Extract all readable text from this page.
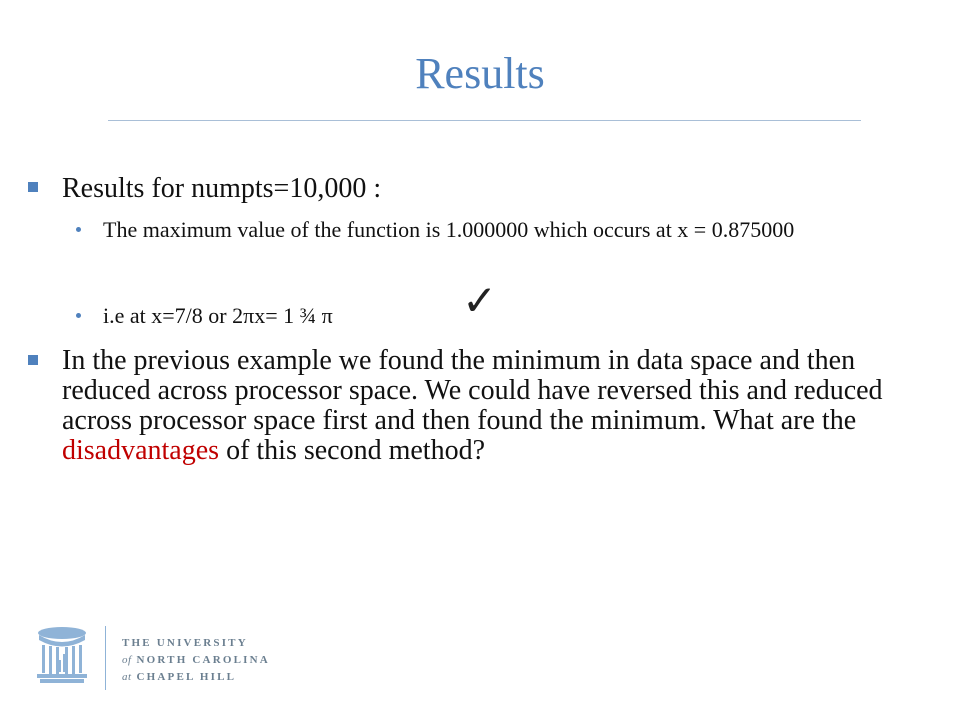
Results
Results for numpts=10,000 :
The maximum value of the function is 1.000000 which occurs at x = 0.875000
i.e at x=7/8 or 2πx= 1 ¾ π	✓
In the previous example we found the minimum in data space and then reduced across processor space. We could have reversed this and reduced across processor space first and then found the minimum. What are the disadvantages of this second method?
THE UNIVERSITY
of NORTH CAROLINA
at CHAPEL HILL
